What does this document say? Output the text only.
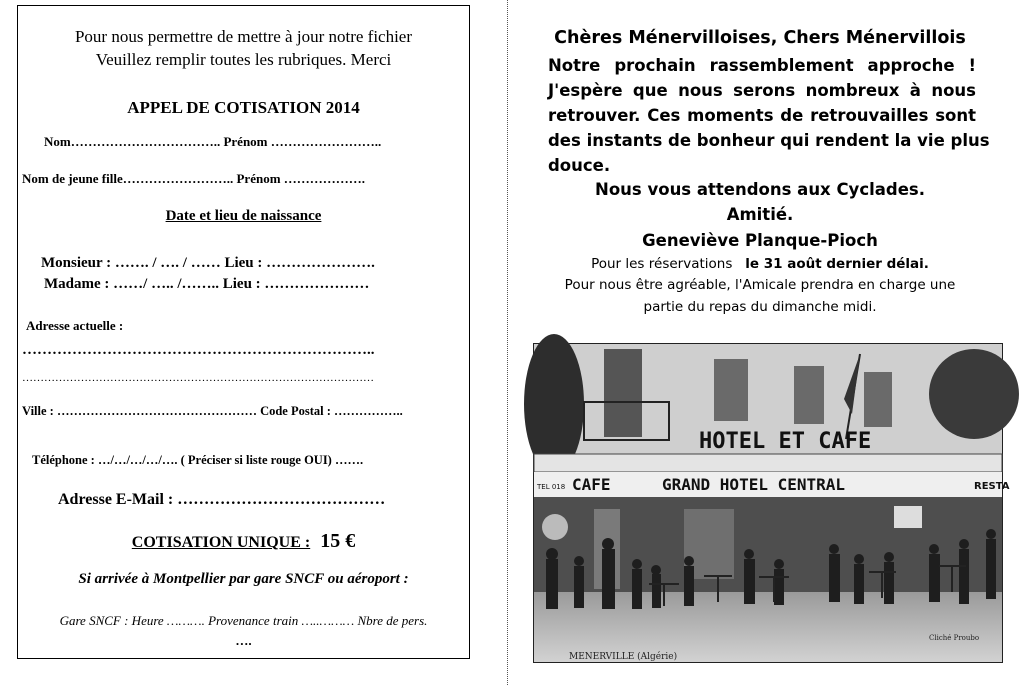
Pour nous permettre de mettre à jour notre fichier
Veuillez remplir toutes les rubriques. Merci
APPEL DE COTISATION 2014
Nom…………………………….. Prénom ……………………..
Nom de jeune fille…………………….. Prénom ……………….
Date et lieu de naissance
Monsieur : ……. / …. / …… Lieu : ………………….
Madame : ……/ ….. /…….. Lieu : …………………
Adresse actuelle :
……………………………………………………………..
……………………………………………………………………………………
Ville : ………………………………………… Code Postal : ……………..
Téléphone : …/…/…/…/…. ( Préciser si liste rouge OUI) …….
Adresse E-Mail : …………………………………
COTISATION UNIQUE : 15 €
Si arrivée à Montpellier par gare SNCF ou aéroport :
Gare SNCF : Heure ………. Provenance train …..……… Nbre de pers.
….
Chères Ménervilloises, Chers Ménervillois
Notre prochain rassemblement approche !
J'espère que nous serons nombreux à nous
retrouver. Ces moments de retrouvailles sont
des instants de bonheur qui rendent la vie plus
douce.
Nous vous attendons aux Cyclades.
Amitié.
Geneviève Planque-Pioch
Pour les réservations le 31 août dernier délai.
Pour nous être agréable, l'Amicale prendra en charge une
partie du repas du dimanche midi.
HOTEL ET CAFE
TEL 018 CAFE	GRAND HOTEL CENTRAL	RESTA
MENERVILLE (Algérie)
Cliché Proubo
